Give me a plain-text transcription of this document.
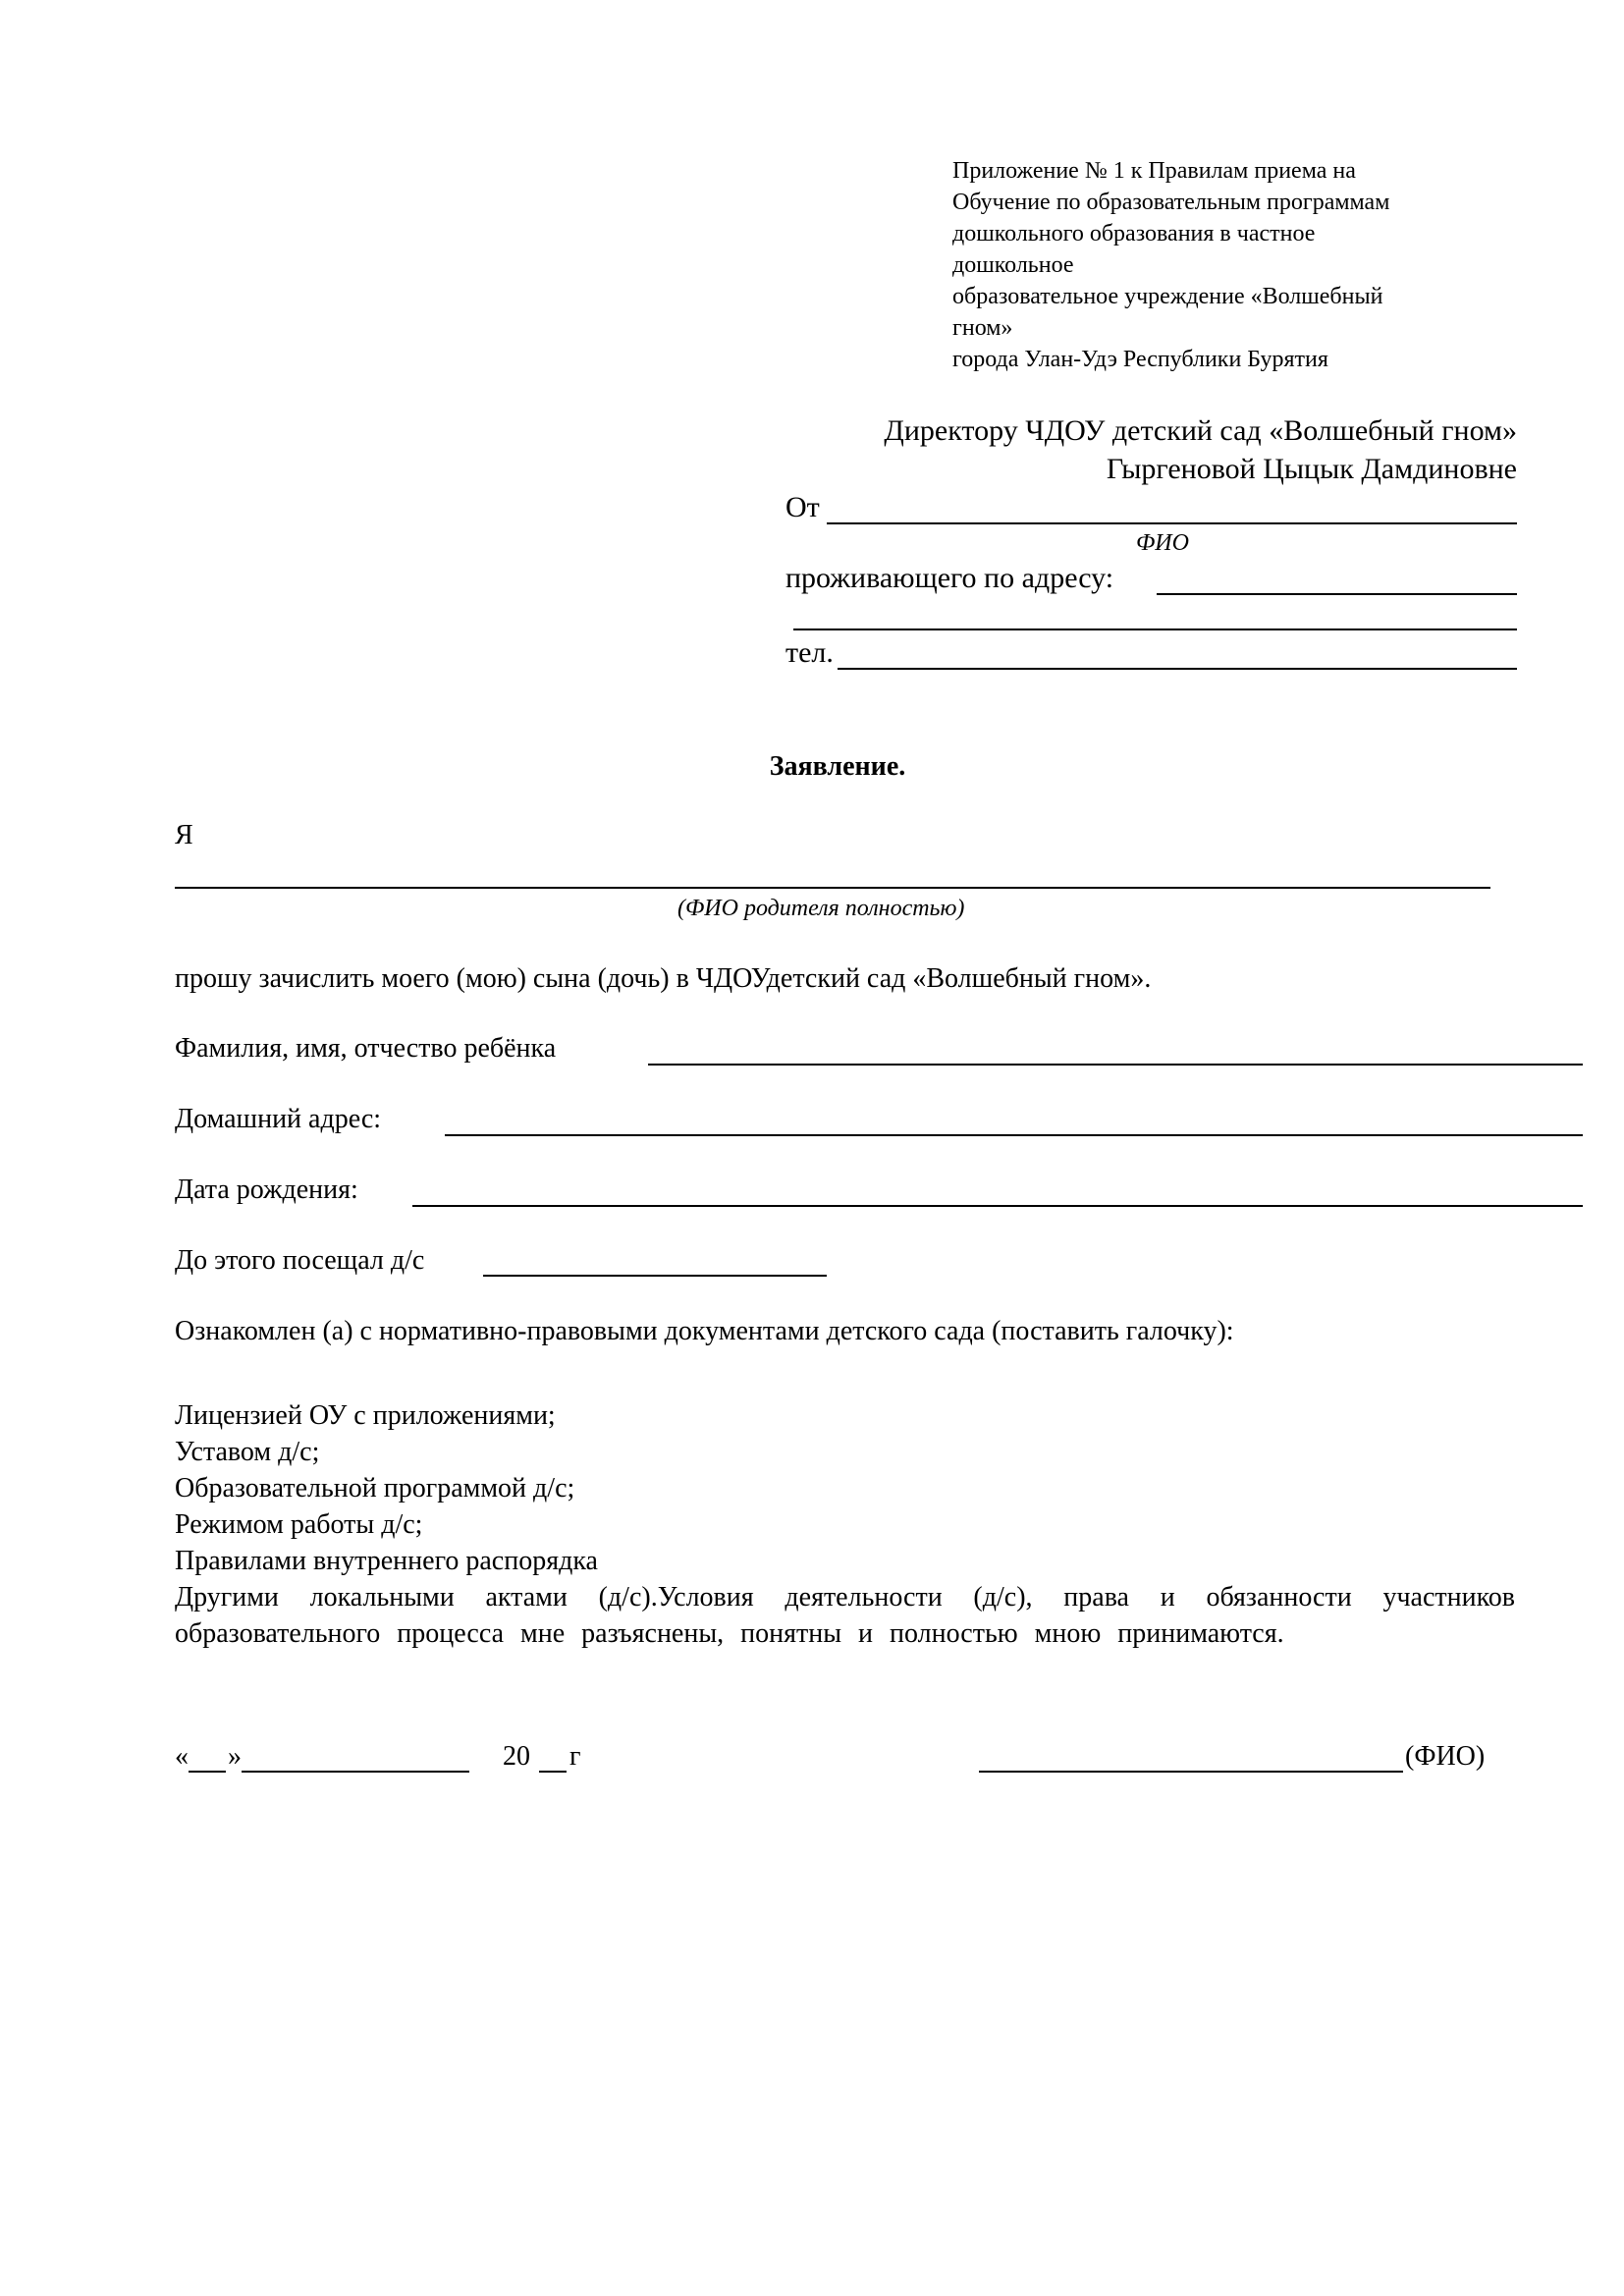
Приложение № 1 к Правилам приема на
Обучение по образовательным программам
дошкольного образования в частное
дошкольное
образовательное учреждение «Волшебный
гном»
города Улан-Удэ Республики Бурятия
Директору ЧДОУ детский сад «Волшебный гном»
Гыргеновой Цыцык Дамдиновне
От
ФИО
проживающего по адресу:
тел.
Заявление.
Я
(ФИО родителя полностью)
прошу зачислить моего (мою) сына (дочь) в ЧДОУдетский сад «Волшебный гном».
Фамилия, имя, отчество ребёнка
Домашний адрес:
Дата рождения:
До этого посещал д/с
Ознакомлен (а) с нормативно-правовыми документами детского сада (поставить галочку):
Лицензией ОУ с приложениями;
Уставом д/с;
Образовательной программой д/с;
Режимом работы д/с;
Правилами внутреннего распорядка
Другими локальными актами (д/с).Условия деятельности (д/с), права и обязанности участников образовательного процесса мне разъяснены, понятны и полностью мною принимаются.
« »	20 г	(ФИО)
